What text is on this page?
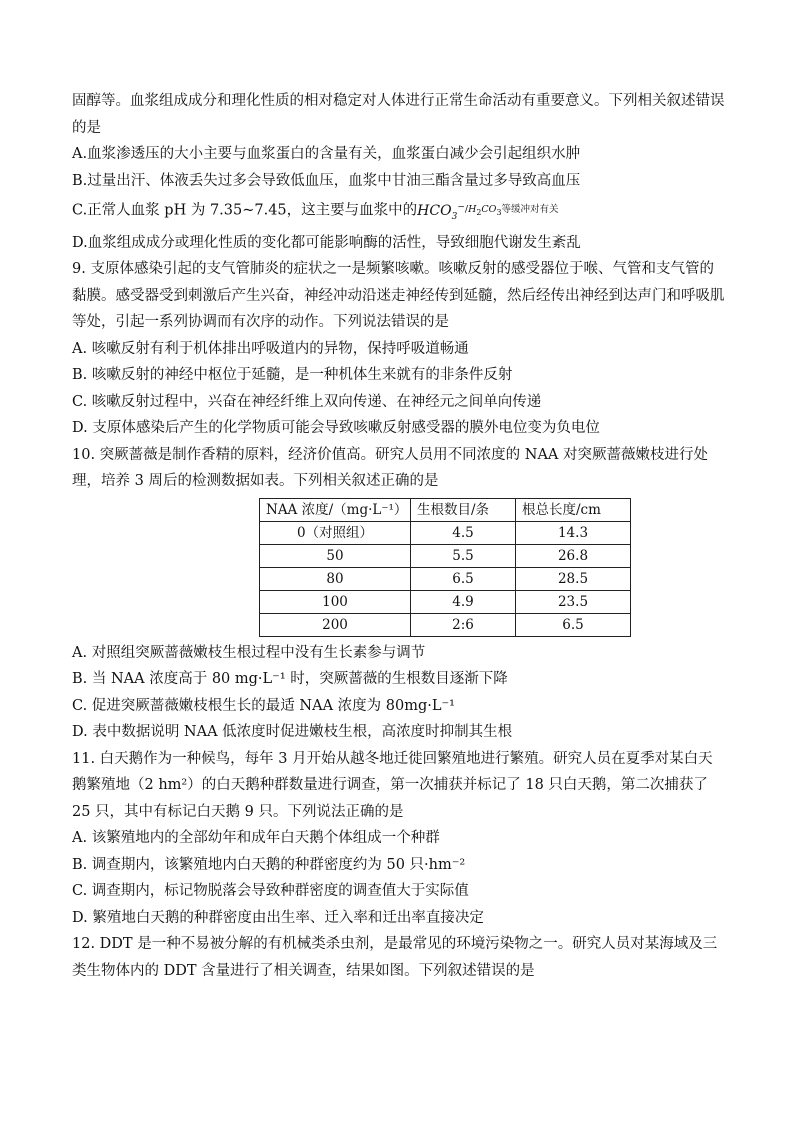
固醇等。血浆组成成分和理化性质的相对稳定对人体进行正常生命活动有重要意义。下列相关叙述错误的是

A.血浆渗透压的大小主要与血浆蛋白的含量有关，血浆蛋白减少会引起组织水肿

B.过量出汗、体液丢失过多会导致低血压，血浆中甘油三酯含量过多导致高血压

C.正常人血浆 pH 为 7.35~7.45，这主要与血浆中的$HCO_3^{-/H_2CO_3等缓冲对有关}$

D.血浆组成成分或理化性质的变化都可能影响酶的活性，导致细胞代谢发生紊乱

9. 支原体感染引起的支气管肺炎的症状之一是频繁咳嗽。咳嗽反射的感受器位于喉、气管和支气管的黏膜。感受器受到刺激后产生兴奋，神经冲动沿迷走神经传到延髓，然后经传出神经到达声门和呼吸肌等处，引起一系列协调而有次序的动作。下列说法错误的是

A. 咳嗽反射有利于机体排出呼吸道内的异物，保持呼吸道畅通

B. 咳嗽反射的神经中枢位于延髓，是一种机体生来就有的非条件反射

C. 咳嗽反射过程中，兴奋在神经纤维上双向传递、在神经元之间单向传递

D. 支原体感染后产生的化学物质可能会导致咳嗽反射感受器的膜外电位变为负电位

10. 突厥蔷薇是制作香精的原料，经济价值高。研究人员用不同浓度的 NAA 对突厥蔷薇嫩枝进行处理，培养 3 周后的检测数据如表。下列相关叙述正确的是

NAA 浓度/（mg·L⁻¹）	生根数目/条	根总长度/cm
0（对照组）	4.5	14.3
50	5.5	26.8
80	6.5	28.5
100	4.9	23.5
200	2:6	6.5

A. 对照组突厥蔷薇嫩枝生根过程中没有生长素参与调节

B. 当 NAA 浓度高于 80 mg·L⁻¹ 时，突厥蔷薇的生根数目逐渐下降

C. 促进突厥蔷薇嫩枝根生长的最适 NAA 浓度为 80mg·L⁻¹

D. 表中数据说明 NAA 低浓度时促进嫩枝生根，高浓度时抑制其生根

11. 白天鹅作为一种候鸟，每年 3 月开始从越冬地迁徙回繁殖地进行繁殖。研究人员在夏季对某白天鹅繁殖地（2 hm²）的白天鹅种群数量进行调查，第一次捕获并标记了 18 只白天鹅，第二次捕获了 25 只，其中有标记白天鹅 9 只。下列说法正确的是

A. 该繁殖地内的全部幼年和成年白天鹅个体组成一个种群

B. 调查期内，该繁殖地内白天鹅的种群密度约为 50 只·hm⁻²

C. 调查期内，标记物脱落会导致种群密度的调查值大于实际值

D. 繁殖地白天鹅的种群密度由出生率、迁入率和迁出率直接决定

12. DDT 是一种不易被分解的有机械类杀虫剂，是最常见的环境污染物之一。研究人员对某海域及三类生物体内的 DDT 含量进行了相关调查，结果如图。下列叙述错误的是
